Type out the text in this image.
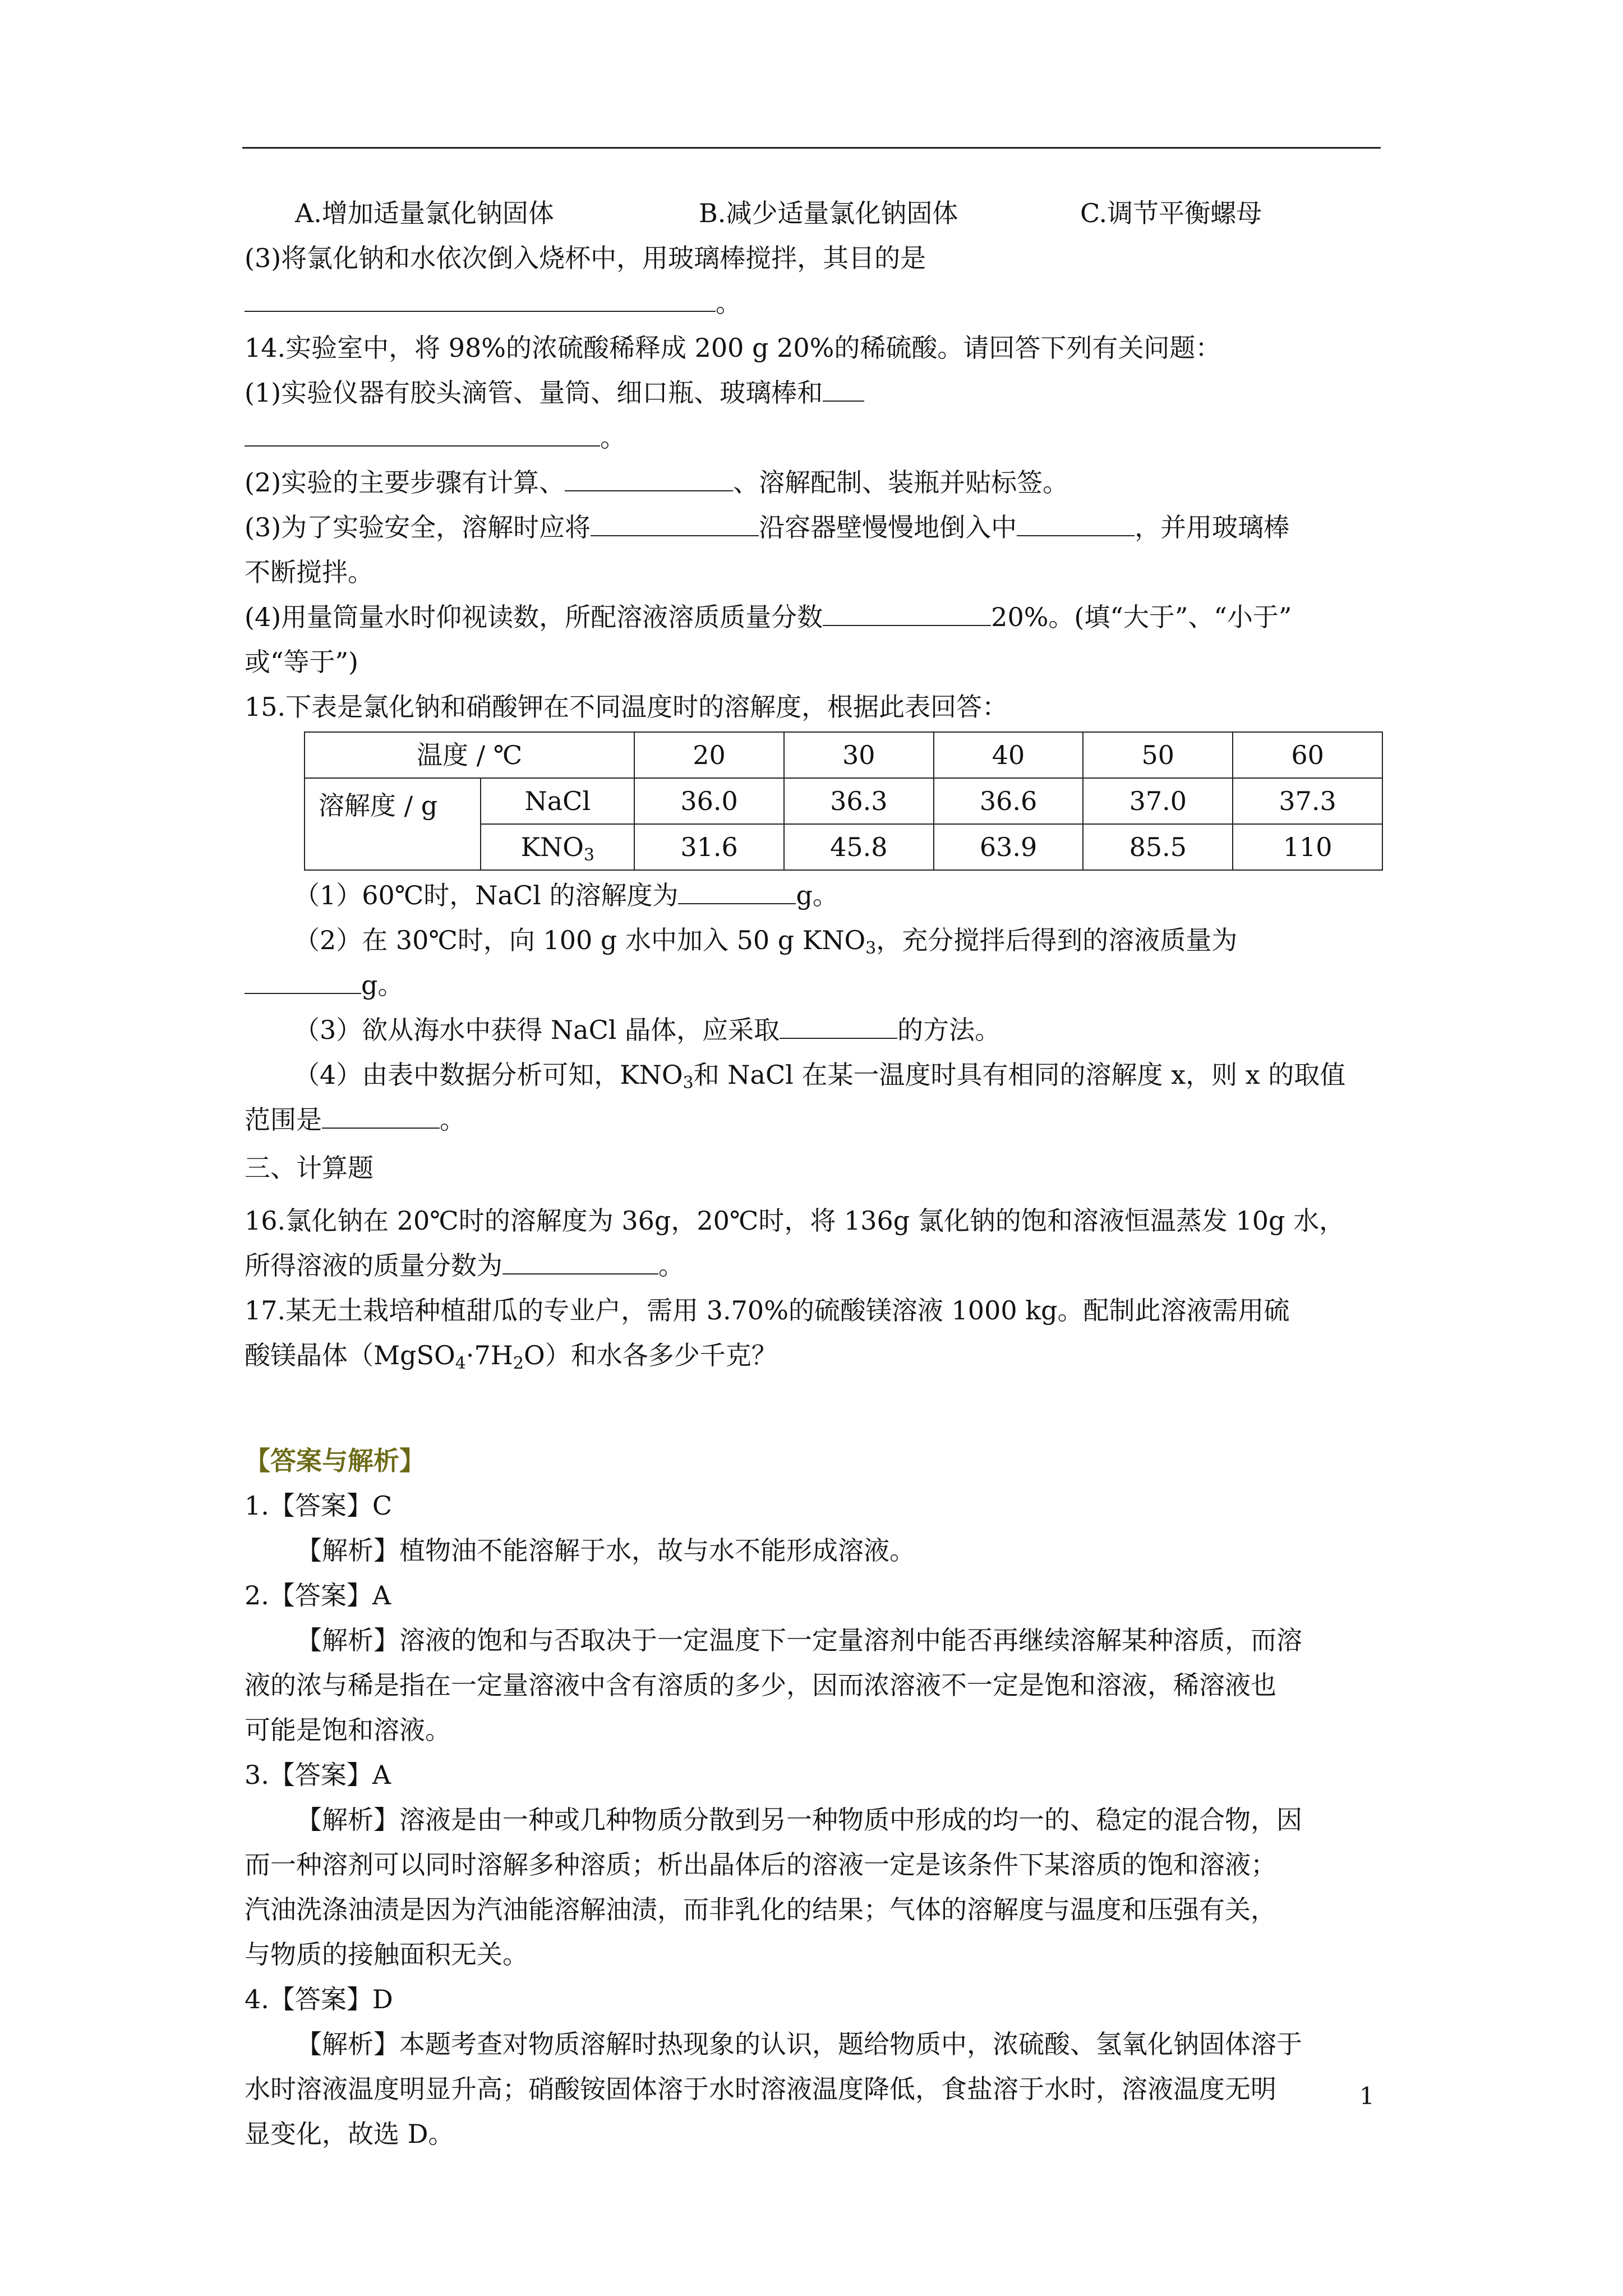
A.增加适量氯化钠固体	B.减少适量氯化钠固体	C.调节平衡螺母
(3)将氯化钠和水依次倒入烧杯中，用玻璃棒搅拌，其目的是
。
14.实验室中，将 98%的浓硫酸稀释成 200 g 20%的稀硫酸。请回答下列有关问题：
(1)实验仪器有胶头滴管、量筒、细口瓶、玻璃棒和
。
(2)实验的主要步骤有计算、	、溶解配制、装瓶并贴标签。
(3)为了实验安全，溶解时应将	沿容器壁慢慢地倒入中	，并用玻璃棒
不断搅拌。
(4)用量筒量水时仰视读数，所配溶液溶质质量分数	20%。(填“大于”、“小于”
或“等于”)
15.下表是氯化钠和硝酸钾在不同温度时的溶解度，根据此表回答：
温度 / ℃		20	30	40	50	60
溶解度 / g	NaCl	36.0	36.3	36.6	37.0	37.3
	$KNO_3$	31.6	45.8	63.9	85.5	110
（1）60℃时，NaCl 的溶解度为	g。
（2）在 30℃时，向 100 g 水中加入 50 g $KNO_3$，充分搅拌后得到的溶液质量为
g。
（3）欲从海水中获得 NaCl 晶体，应采取	的方法。
（4）由表中数据分析可知，$KNO_3$和 NaCl 在某一温度时具有相同的溶解度 x，则 x 的取值
范围是	。
三、计算题
16.氯化钠在 20℃时的溶解度为 36g，20℃时，将 136g 氯化钠的饱和溶液恒温蒸发 10g 水，
所得溶液的质量分数为	。
17.某无土栽培种植甜瓜的专业户，需用 3.70%的硫酸镁溶液 1000 kg。配制此溶液需用硫
酸镁晶体$(MgSO_4\cdot 7H_2O)$和水各多少千克？
【答案与解析】
1.【答案】C
【解析】植物油不能溶解于水，故与水不能形成溶液。
2.【答案】A
【解析】溶液的饱和与否取决于一定温度下一定量溶剂中能否再继续溶解某种溶质，而溶
液的浓与稀是指在一定量溶液中含有溶质的多少，因而浓溶液不一定是饱和溶液，稀溶液也
可能是饱和溶液。
3.【答案】A
【解析】溶液是由一种或几种物质分散到另一种物质中形成的均一的、稳定的混合物，因
而一种溶剂可以同时溶解多种溶质；析出晶体后的溶液一定是该条件下某溶质的饱和溶液；
汽油洗涤油渍是因为汽油能溶解油渍，而非乳化的结果；气体的溶解度与温度和压强有关，
与物质的接触面积无关。
4.【答案】D
【解析】本题考查对物质溶解时热现象的认识，题给物质中，浓硫酸、氢氧化钠固体溶于
水时溶液温度明显升高；硝酸铵固体溶于水时溶液温度降低，食盐溶于水时，溶液温度无明
显变化，故选 D。
1
